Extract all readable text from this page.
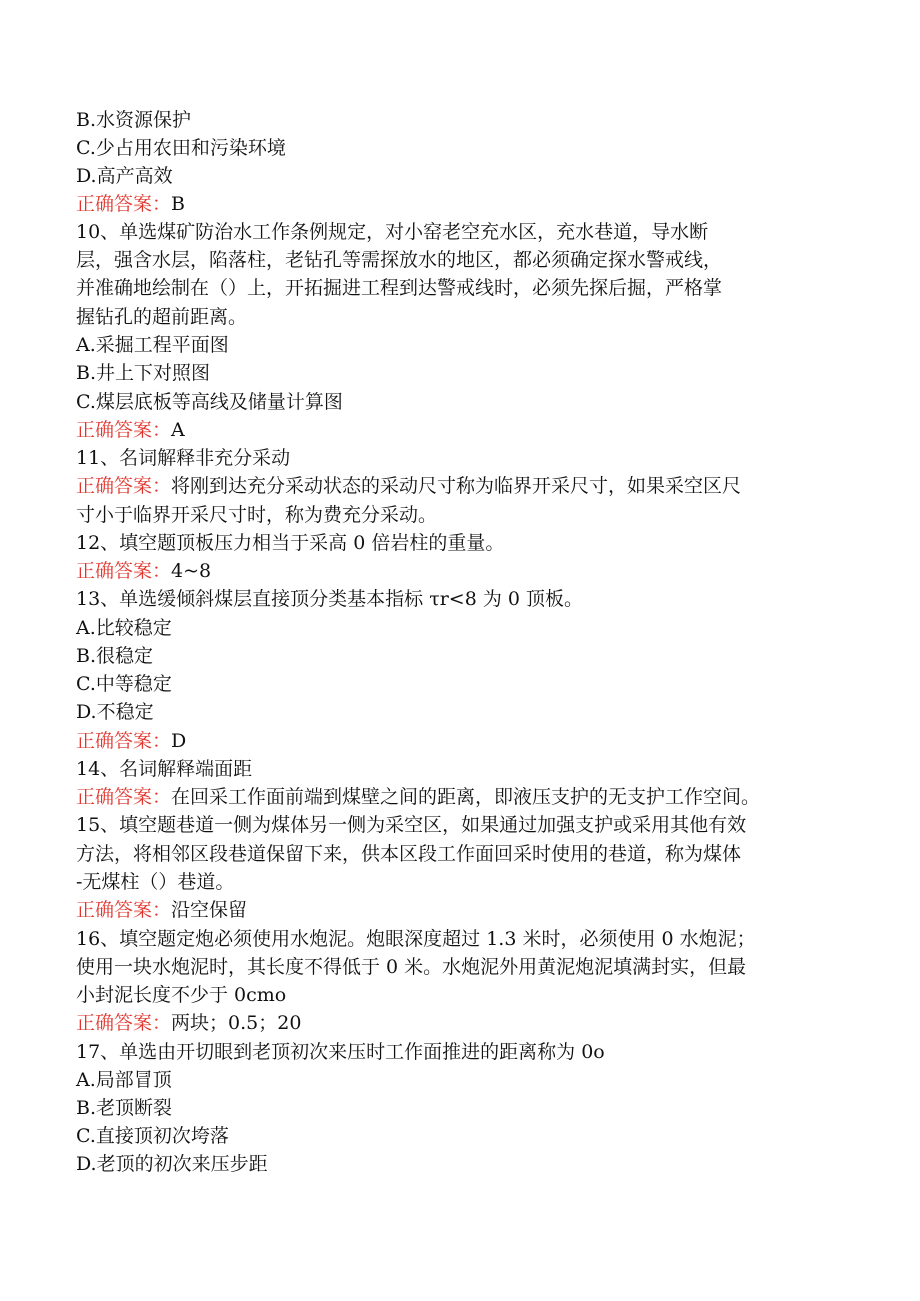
B.水资源保护
C.少占用农田和污染环境
D.高产高效
正确答案：B
10、单选煤矿防治水工作条例规定，对小窑老空充水区，充水巷道，导水断
层，强含水层，陷落柱，老钻孔等需探放水的地区，都必须确定探水警戒线，
并准确地绘制在（）上，开拓掘进工程到达警戒线时，必须先探后掘，严格掌
握钻孔的超前距离。
A.采掘工程平面图
B.井上下对照图
C.煤层底板等高线及储量计算图
正确答案：A
11、名词解释非充分采动
正确答案：将刚到达充分采动状态的采动尺寸称为临界开采尺寸，如果采空区尺
寸小于临界开采尺寸时，称为费充分采动。
12、填空题顶板压力相当于采高 0 倍岩柱的重量。
正确答案：4~8
13、单选缓倾斜煤层直接顶分类基本指标 τr<8 为 0 顶板。
A.比较稳定
B.很稳定
C.中等稳定
D.不稳定
正确答案：D
14、名词解释端面距
正确答案：在回采工作面前端到煤壁之间的距离，即液压支护的无支护工作空间。
15、填空题巷道一侧为煤体另一侧为采空区，如果通过加强支护或采用其他有效
方法，将相邻区段巷道保留下来，供本区段工作面回采时使用的巷道，称为煤体
-无煤柱（）巷道。
正确答案：沿空保留
16、填空题定炮必须使用水炮泥。炮眼深度超过 1.3 米时，必须使用 0 水炮泥；
使用一块水炮泥时，其长度不得低于 0 米。水炮泥外用黄泥炮泥填满封实，但最
小封泥长度不少于 0cmo
正确答案：两块；0.5；20
17、单选由开切眼到老顶初次来压时工作面推进的距离称为 0o
A.局部冒顶
B.老顶断裂
C.直接顶初次垮落
D.老顶的初次来压步距
